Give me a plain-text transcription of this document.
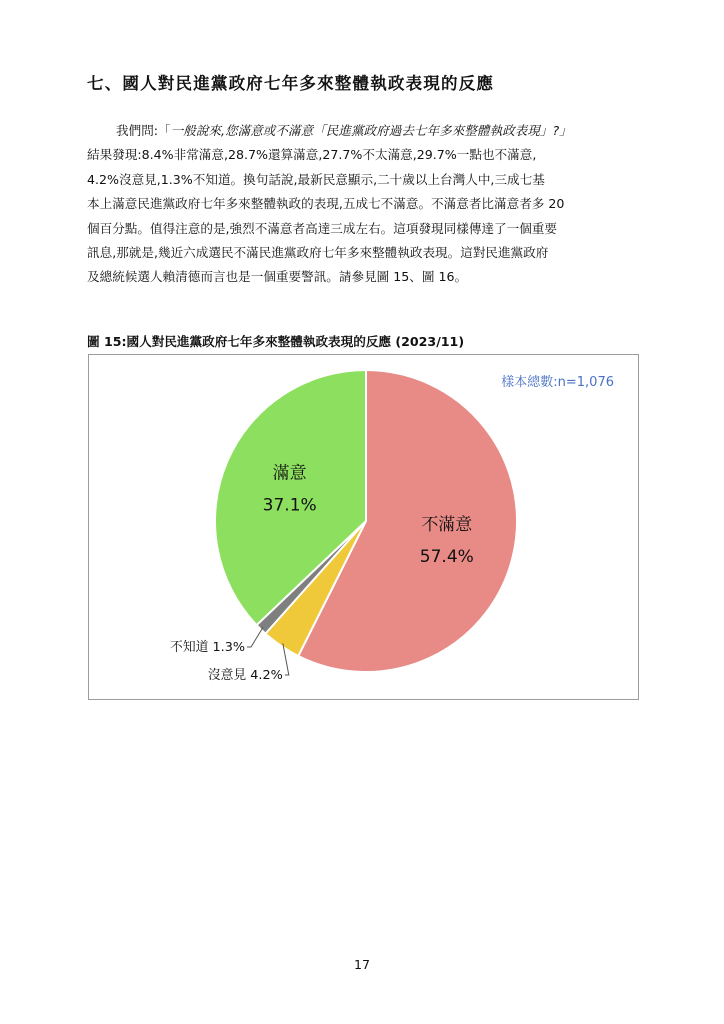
七、國人對民進黨政府七年多來整體執政表現的反應
我們問:「一般說來,您滿意或不滿意「民進黨政府過去七年多來整體執政表現」?」
結果發現:8.4%非常滿意,28.7%還算滿意,27.7%不太滿意,29.7%一點也不滿意,
4.2%沒意見,1.3%不知道。換句話說,最新民意顯示,二十歲以上台灣人中,三成七基
本上滿意民進黨政府七年多來整體執政的表現,五成七不滿意。不滿意者比滿意者多 20
個百分點。值得注意的是,強烈不滿意者高達三成左右。這項發現同樣傳達了一個重要
訊息,那就是,幾近六成選民不滿民進黨政府七年多來整體執政表現。這對民進黨政府
及總統候選人賴清德而言也是一個重要警訊。請參見圖 15、圖 16。
圖 15:國人對民進黨政府七年多來整體執政表現的反應 (2023/11)
樣本總數:n=1,076
不滿意
57.4%
沒意見 4.2%
不知道 1.3%
滿意
37.1%
17
